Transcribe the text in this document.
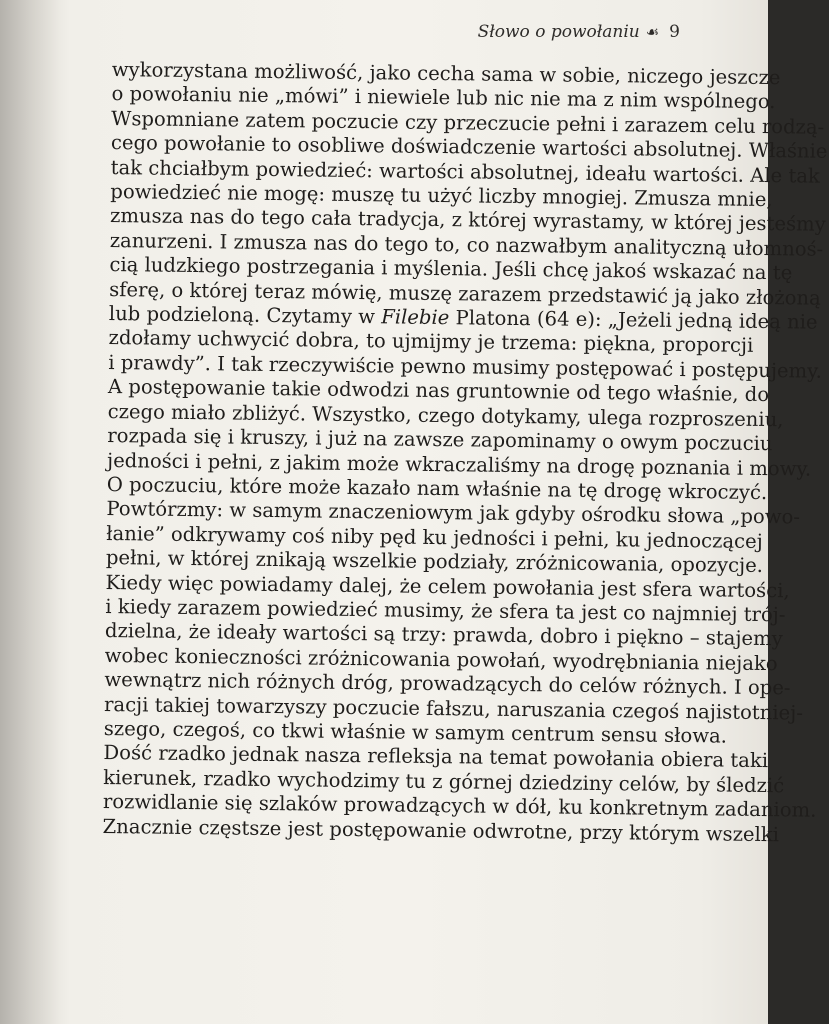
Słowo o powołaniu ☙ 9

wykorzystana możliwość, jako cecha sama w sobie, niczego jeszcze

o powołaniu nie „mówi” i niewiele lub nic nie ma z nim wspólnego.

Wspomniane zatem poczucie czy przeczucie pełni i zarazem celu rodzą-

cego powołanie to osobliwe doświadczenie wartości absolutnej. Właśnie

tak chciałbym powiedzieć: wartości absolutnej, ideału wartości. Ale tak

powiedzieć nie mogę: muszę tu użyć liczby mnogiej. Zmusza mnie,

zmusza nas do tego cała tradycja, z której wyrastamy, w której jesteśmy

zanurzeni. I zmusza nas do tego to, co nazwałbym analityczną ułomnoś-

cią ludzkiego postrzegania i myślenia. Jeśli chcę jakoś wskazać na tę

sferę, o której teraz mówię, muszę zarazem przedstawić ją jako złożoną

lub podzieloną. Czytamy w Filebie Platona (64 e): „Jeżeli jedną ideą nie

zdołamy uchwycić dobra, to ujmijmy je trzema: piękna, proporcji

i prawdy”. I tak rzeczywiście pewno musimy postępować i postępujemy.

A postępowanie takie odwodzi nas gruntownie od tego właśnie, do

czego miało zbliżyć. Wszystko, czego dotykamy, ulega rozproszeniu,

rozpada się i kruszy, i już na zawsze zapominamy o owym poczuciu

jedności i pełni, z jakim może wkraczaliśmy na drogę poznania i mowy.

O poczuciu, które może kazało nam właśnie na tę drogę wkroczyć.

Powtórzmy: w samym znaczeniowym jak gdyby ośrodku słowa „powo-

łanie” odkrywamy coś niby pęd ku jedności i pełni, ku jednoczącej

pełni, w której znikają wszelkie podziały, zróżnicowania, opozycje.

Kiedy więc powiadamy dalej, że celem powołania jest sfera wartości,

i kiedy zarazem powiedzieć musimy, że sfera ta jest co najmniej trój-

dzielna, że ideały wartości są trzy: prawda, dobro i piękno – stajemy

wobec konieczności zróżnicowania powołań, wyodrębniania niejako

wewnątrz nich różnych dróg, prowadzących do celów różnych. I ope-

racji takiej towarzyszy poczucie fałszu, naruszania czegoś najistotniej-

szego, czegoś, co tkwi właśnie w samym centrum sensu słowa.

Dość rzadko jednak nasza refleksja na temat powołania obiera taki

kierunek, rzadko wychodzimy tu z górnej dziedziny celów, by śledzić

rozwidlanie się szlaków prowadzących w dół, ku konkretnym zadaniom.

Znacznie częstsze jest postępowanie odwrotne, przy którym wszelki
